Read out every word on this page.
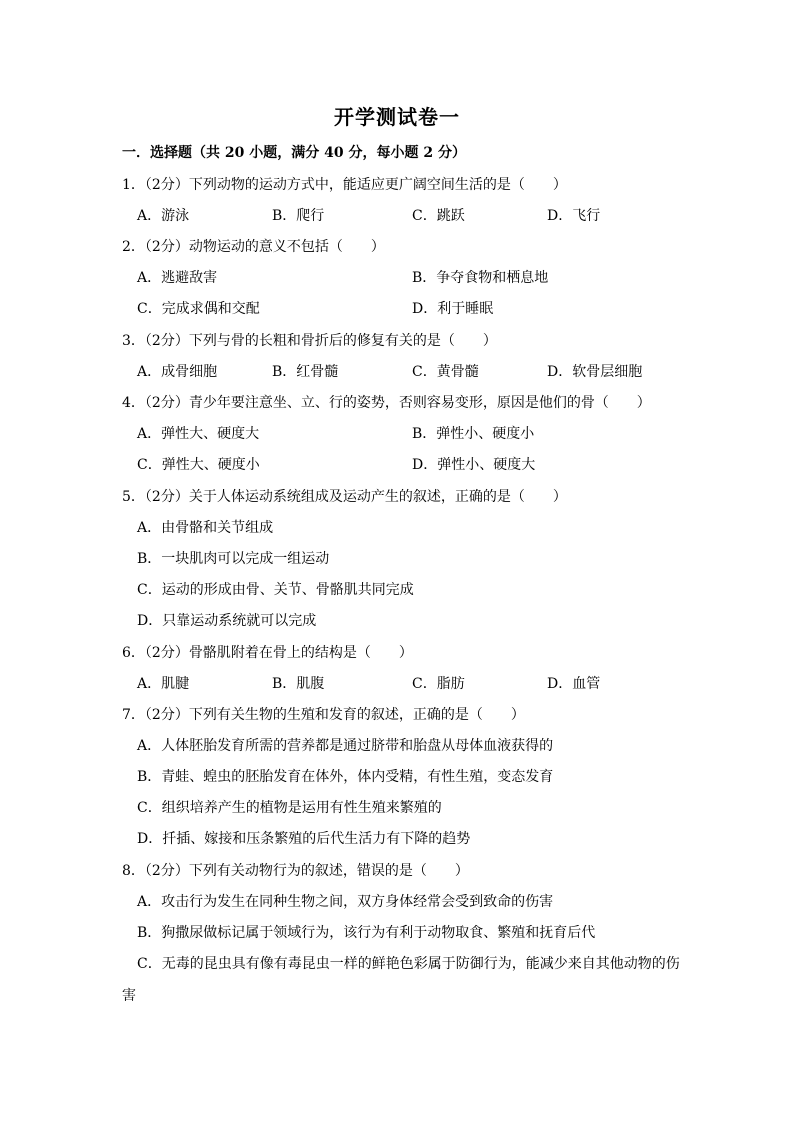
开学测试卷一
一．选择题（共 20 小题，满分 40 分，每小题 2 分）
1．（2分）下列动物的运动方式中，能适应更广阔空间生活的是（　　）
A．游泳	B．爬行	C．跳跃	D．飞行
2．（2分）动物运动的意义不包括（　　）
A．逃避敌害	B．争夺食物和栖息地
C．完成求偶和交配	D．利于睡眠
3．（2分）下列与骨的长粗和骨折后的修复有关的是（　　）
A．成骨细胞	B．红骨髓	C．黄骨髓	D．软骨层细胞
4．（2分）青少年要注意坐、立、行的姿势，否则容易变形，原因是他们的骨（　　）
A．弹性大、硬度大	B．弹性小、硬度小
C．弹性大、硬度小	D．弹性小、硬度大
5．（2分）关于人体运动系统组成及运动产生的叙述，正确的是（　　）
A．由骨骼和关节组成
B．一块肌肉可以完成一组运动
C．运动的形成由骨、关节、骨骼肌共同完成
D．只靠运动系统就可以完成
6．（2分）骨骼肌附着在骨上的结构是（　　）
A．肌腱	B．肌腹	C．脂肪	D．血管
7．（2分）下列有关生物的生殖和发育的叙述，正确的是（　　）
A．人体胚胎发育所需的营养都是通过脐带和胎盘从母体血液获得的
B．青蛙、蝗虫的胚胎发育在体外，体内受精，有性生殖，变态发育
C．组织培养产生的植物是运用有性生殖来繁殖的
D．扦插、嫁接和压条繁殖的后代生活力有下降的趋势
8．（2分）下列有关动物行为的叙述，错误的是（　　）
A．攻击行为发生在同种生物之间，双方身体经常会受到致命的伤害
B．狗撒尿做标记属于领域行为，该行为有利于动物取食、繁殖和抚育后代
C．无毒的昆虫具有像有毒昆虫一样的鲜艳色彩属于防御行为，能减少来自其他动物的伤
害
